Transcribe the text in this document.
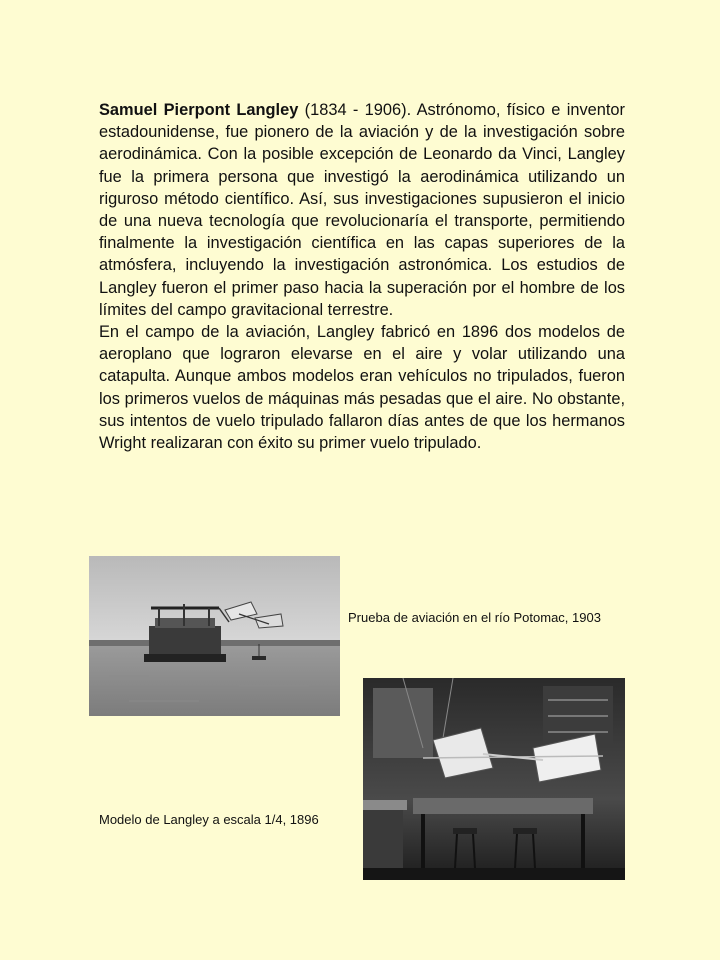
Samuel Pierpont Langley (1834 - 1906). Astrónomo, físico e inventor estadounidense, fue pionero de la aviación y de la investigación sobre aerodinámica. Con la posible excepción de Leonardo da Vinci, Langley fue la primera persona que investigó la aerodinámica utilizando un riguroso método científico. Así, sus investigaciones supusieron el inicio de una nueva tecnología que revolucionaría el transporte, permitiendo finalmente la investigación científica en las capas superiores de la atmósfera, incluyendo la investigación astronómica. Los estudios de Langley fueron el primer paso hacia la superación por el hombre de los límites del campo gravitacional terrestre.

En el campo de la aviación, Langley fabricó en 1896 dos modelos de aeroplano que lograron elevarse en el aire y volar utilizando una catapulta. Aunque ambos modelos eran vehículos no tripulados, fueron los primeros vuelos de máquinas más pesadas que el aire. No obstante, sus intentos de vuelo tripulado fallaron días antes de que los hermanos Wright realizaran con éxito su primer vuelo tripulado.

Prueba de aviación en el río Potomac, 1903
Modelo de Langley a escala 1/4, 1896
